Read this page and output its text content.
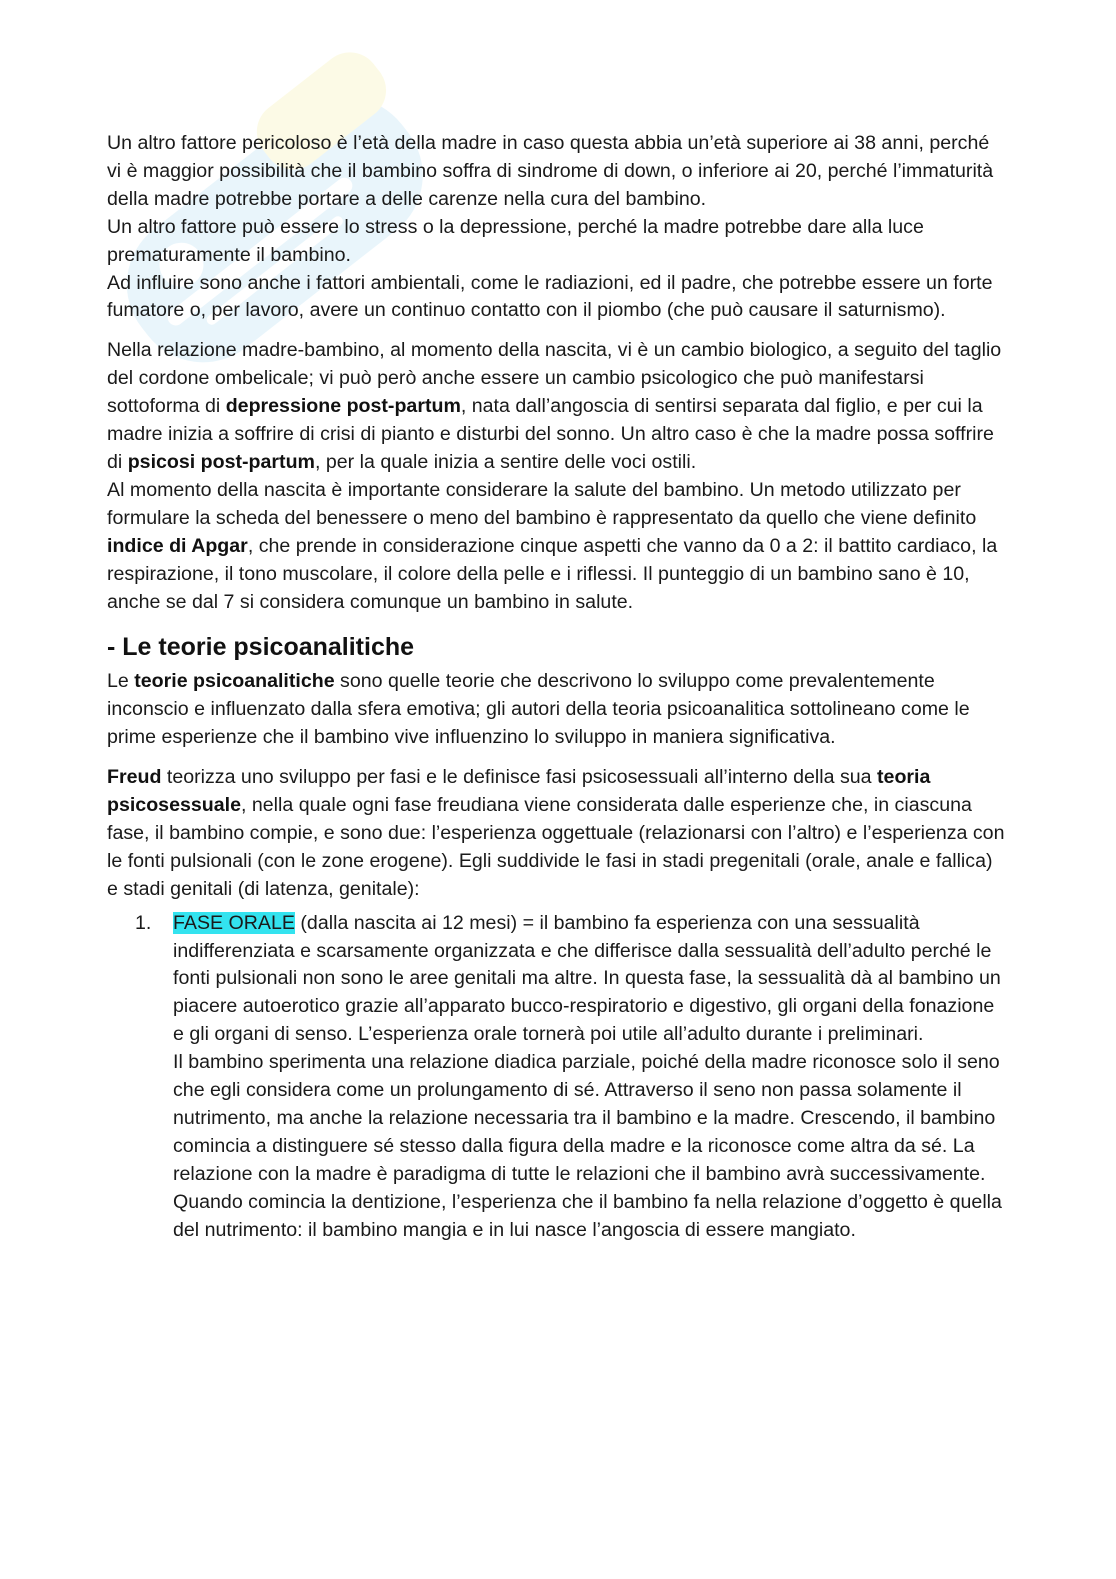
Un altro fattore pericoloso è l’età della madre in caso questa abbia un’età superiore ai 38 anni, perché vi è maggior possibilità che il bambino soffra di sindrome di down, o inferiore ai 20, perché l’immaturità della madre potrebbe portare a delle carenze nella cura del bambino.

Un altro fattore può essere lo stress o la depressione, perché la madre potrebbe dare alla luce prematuramente il bambino.

Ad influire sono anche i fattori ambientali, come le radiazioni, ed il padre, che potrebbe essere un forte fumatore o, per lavoro, avere un continuo contatto con il piombo (che può causare il saturnismo).

Nella relazione madre-bambino, al momento della nascita, vi è un cambio biologico, a seguito del taglio del cordone ombelicale; vi può però anche essere un cambio psicologico che può manifestarsi sottoforma di depressione post-partum, nata dall’angoscia di sentirsi separata dal figlio, e per cui la madre inizia a soffrire di crisi di pianto e disturbi del sonno. Un altro caso è che la madre possa soffrire di psicosi post-partum, per la quale inizia a sentire delle voci ostili.

Al momento della nascita è importante considerare la salute del bambino. Un metodo utilizzato per formulare la scheda del benessere o meno del bambino è rappresentato da quello che viene definito indice di Apgar, che prende in considerazione cinque aspetti che vanno da 0 a 2: il battito cardiaco, la respirazione, il tono muscolare, il colore della pelle e i riflessi. Il punteggio di un bambino sano è 10, anche se dal 7 si considera comunque un bambino in salute.

- Le teorie psicoanalitiche

Le teorie psicoanalitiche sono quelle teorie che descrivono lo sviluppo come prevalentemente inconscio e influenzato dalla sfera emotiva; gli autori della teoria psicoanalitica sottolineano come le prime esperienze che il bambino vive influenzino lo sviluppo in maniera significativa.

Freud teorizza uno sviluppo per fasi e le definisce fasi psicosessuali all’interno della sua teoria psicosessuale, nella quale ogni fase freudiana viene considerata dalle esperienze che, in ciascuna fase, il bambino compie, e sono due: l’esperienza oggettuale (relazionarsi con l’altro) e l’esperienza con le fonti pulsionali (con le zone erogene). Egli suddivide le fasi in stadi pregenitali (orale, anale e fallica) e stadi genitali (di latenza, genitale):

1. FASE ORALE (dalla nascita ai 12 mesi) = il bambino fa esperienza con una sessualità indifferenziata e scarsamente organizzata e che differisce dalla sessualità dell’adulto perché le fonti pulsionali non sono le aree genitali ma altre. In questa fase, la sessualità dà al bambino un piacere autoerotico grazie all’apparato bucco-respiratorio e digestivo, gli organi della fonazione e gli organi di senso. L’esperienza orale tornerà poi utile all’adulto durante i preliminari.

Il bambino sperimenta una relazione diadica parziale, poiché della madre riconosce solo il seno che egli considera come un prolungamento di sé. Attraverso il seno non passa solamente il nutrimento, ma anche la relazione necessaria tra il bambino e la madre. Crescendo, il bambino comincia a distinguere sé stesso dalla figura della madre e la riconosce come altra da sé. La relazione con la madre è paradigma di tutte le relazioni che il bambino avrà successivamente.

Quando comincia la dentizione, l’esperienza che il bambino fa nella relazione d’oggetto è quella del nutrimento: il bambino mangia e in lui nasce l’angoscia di essere mangiato.
